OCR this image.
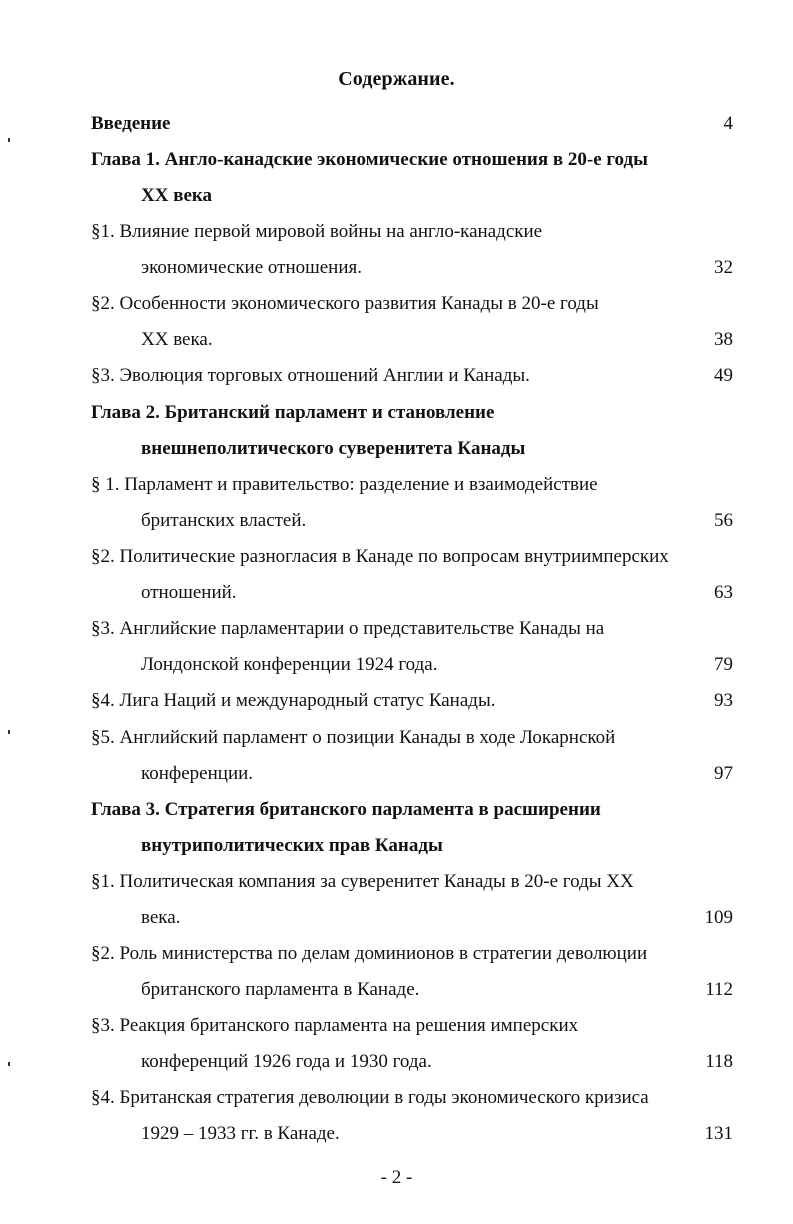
Содержание.
Введение	4
Глава 1. Англо-канадские экономические отношения в 20-е годы
XX века
§1. Влияние первой мировой войны на англо-канадские
экономические отношения.	32
§2. Особенности экономического развития Канады в 20-е годы
XX века.	38
§3. Эволюция торговых отношений Англии и Канады.	49
Глава 2. Британский парламент и становление
внешнеполитического суверенитета Канады
§ 1. Парламент и правительство: разделение и взаимодействие
британских властей.	56
§2. Политические разногласия в Канаде по вопросам внутриимперских
отношений.	63
§3. Английские парламентарии о представительстве Канады на
Лондонской конференции 1924 года.	79
§4. Лига Наций и международный статус Канады.	93
§5. Английский парламент о позиции Канады в ходе Локарнской
конференции.	97
Глава 3. Стратегия британского парламента в расширении
внутриполитических прав Канады
§1. Политическая компания за суверенитет Канады в 20-е годы XX
века.	109
§2. Роль министерства по делам доминионов в стратегии деволюции
британского парламента в Канаде.	112
§3. Реакция британского парламента на решения имперских
конференций 1926 года и 1930 года.	118
§4. Британская стратегия деволюции в годы экономического кризиса
1929 – 1933 гг. в Канаде.	131
- 2 -
